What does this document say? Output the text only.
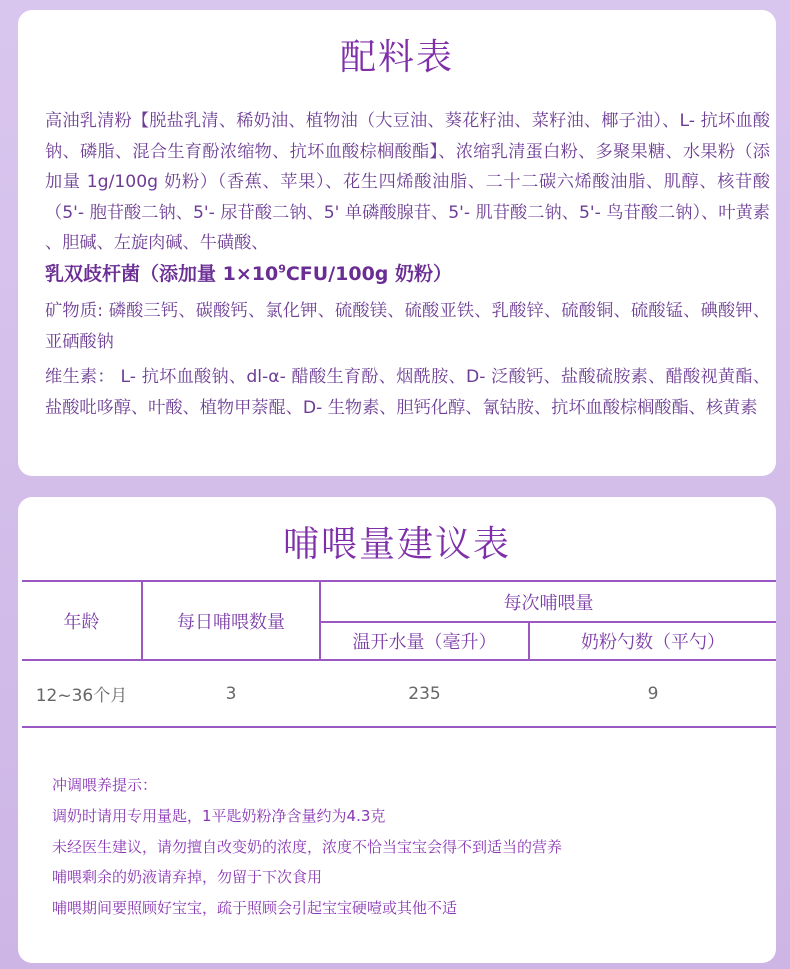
配料表
高油乳清粉【脱盐乳清、稀奶油、植物油（大豆油、葵花籽油、菜籽油、椰子油）、L- 抗坏血酸钠、磷脂、混合生育酚浓缩物、抗坏血酸棕榈酸酯】、浓缩乳清蛋白粉、多聚果糖、水果粉（添加量 1g/100g 奶粉）（香蕉、苹果）、花生四烯酸油脂、二十二碳六烯酸油脂、肌醇、核苷酸（5'- 胞苷酸二钠、5'- 尿苷酸二钠、5' 单磷酸腺苷、5'- 肌苷酸二钠、5'- 鸟苷酸二钠）、叶黄素 、胆碱、左旋肉碱、牛磺酸、
乳双歧杆菌（添加量 $1\times 10^9CFU/100g$ 奶粉）
矿物质: 磷酸三钙、碳酸钙、氯化钾、硫酸镁、硫酸亚铁、乳酸锌、硫酸铜、硫酸锰、碘酸钾、亚硒酸钠
维生素： L- 抗坏血酸钠、dl-α- 醋酸生育酚、烟酰胺、D- 泛酸钙、盐酸硫胺素、醋酸视黄酯、盐酸吡哆醇、叶酸、植物甲萘醌、D- 生物素、胆钙化醇、氰钴胺、抗坏血酸棕榈酸酯、核黄素
哺喂量建议表
年龄	每日哺喂数量
每次哺喂量
温开水量（毫升）	奶粉勺数（平勺）
12~36个月	3	235	9
冲调喂养提示：
调奶时请用专用量匙，1平匙奶粉净含量约为4.3克
未经医生建议，请勿擅自改变奶的浓度，浓度不恰当宝宝会得不到适当的营养
哺喂剩余的奶液请弃掉，勿留于下次食用
哺喂期间要照顾好宝宝，疏于照顾会引起宝宝硬噎或其他不适
